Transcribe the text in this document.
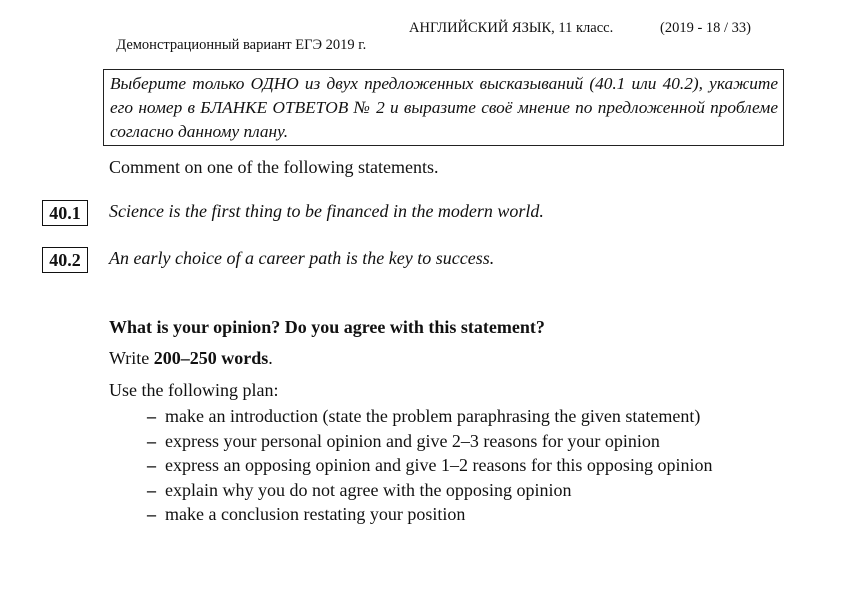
Демонстрационный вариант ЕГЭ 2019 г.

АНГЛИЙСКИЙ ЯЗЫК, 11 класс.

	(2019 - 18 / 33)

Выберите только ОДНО из двух предложенных высказываний (40.1 или 40.2), укажите его номер в БЛАНКЕ ОТВЕТОВ № 2 и выразите своё мнение по предложенной проблеме согласно данному плану.
Comment on one of the following statements.
40.1	Science is the first thing to be financed in the modern world.
40.2	An early choice of a career path is the key to success.
What is your opinion? Do you agree with this statement?
Write 200–250 words.
Use the following plan:
– make an introduction (state the problem paraphrasing the given statement)
– express your personal opinion and give 2–3 reasons for your opinion
– express an opposing opinion and give 1–2 reasons for this opposing opinion
– explain why you do not agree with the opposing opinion
– make a conclusion restating your position
